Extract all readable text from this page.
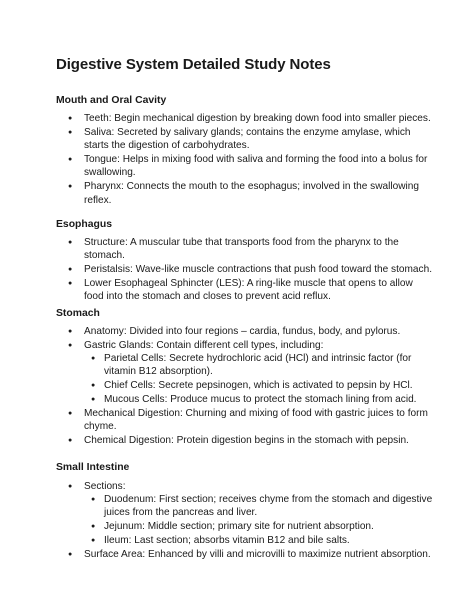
Digestive System Detailed Study Notes
Mouth and Oral Cavity
● Teeth: Begin mechanical digestion by breaking down food into smaller pieces.
● Saliva: Secreted by salivary glands; contains the enzyme amylase, which starts the digestion of carbohydrates.
● Tongue: Helps in mixing food with saliva and forming the food into a bolus for swallowing.
● Pharynx: Connects the mouth to the esophagus; involved in the swallowing reflex.
Esophagus
● Structure: A muscular tube that transports food from the pharynx to the stomach.
● Peristalsis: Wave-like muscle contractions that push food toward the stomach.
● Lower Esophageal Sphincter (LES): A ring-like muscle that opens to allow food into the stomach and closes to prevent acid reflux.
Stomach
● Anatomy: Divided into four regions – cardia, fundus, body, and pylorus.
● Gastric Glands: Contain different cell types, including:
● Parietal Cells: Secrete hydrochloric acid (HCl) and intrinsic factor (for vitamin B12 absorption).
● Chief Cells: Secrete pepsinogen, which is activated to pepsin by HCl.
● Mucous Cells: Produce mucus to protect the stomach lining from acid.
● Mechanical Digestion: Churning and mixing of food with gastric juices to form chyme.
● Chemical Digestion: Protein digestion begins in the stomach with pepsin.
Small Intestine
● Sections:
● Duodenum: First section; receives chyme from the stomach and digestive juices from the pancreas and liver.
● Jejunum: Middle section; primary site for nutrient absorption.
● Ileum: Last section; absorbs vitamin B12 and bile salts.
● Surface Area: Enhanced by villi and microvilli to maximize nutrient absorption.
